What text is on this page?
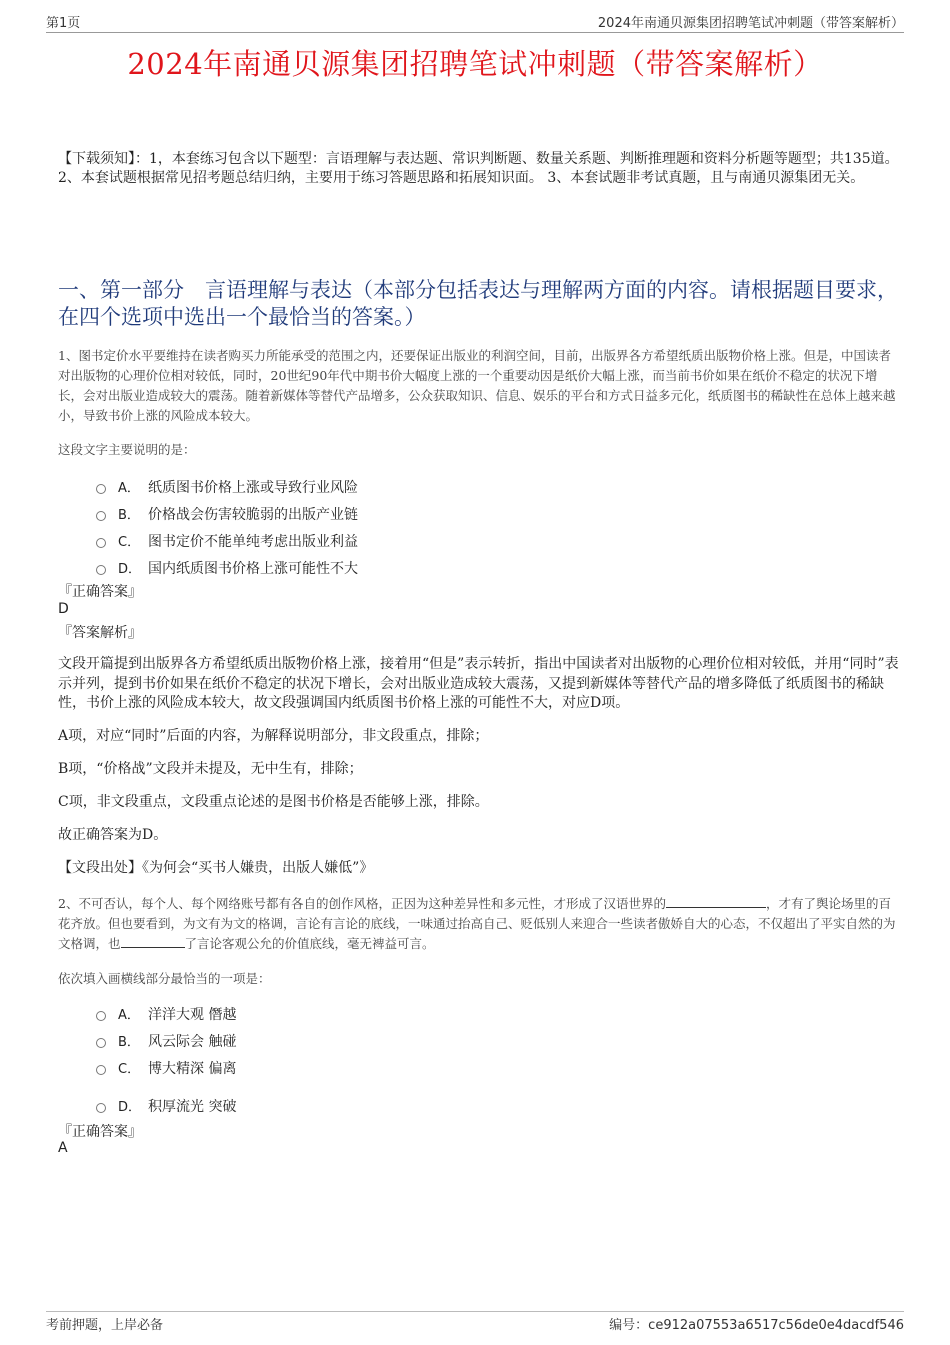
第1页	2024年南通贝源集团招聘笔试冲刺题（带答案解析）
2024年南通贝源集团招聘笔试冲刺题（带答案解析）
【下载须知】：1，本套练习包含以下题型：言语理解与表达题、常识判断题、数量关系题、判断推理题和资料分析题等题型；共135道。 2、本套试题根据常见招考题总结归纳，主要用于练习答题思路和拓展知识面。 3、本套试题非考试真题，且与南通贝源集团无关。
一、第一部分　言语理解与表达（本部分包括表达与理解两方面的内容。请根据题目要求，在四个选项中选出一个最恰当的答案。）
1、图书定价水平要维持在读者购买力所能承受的范围之内，还要保证出版业的利润空间，目前，出版界各方希望纸质出版物价格上涨。但是，中国读者对出版物的心理价位相对较低，同时，20世纪90年代中期书价大幅度上涨的一个重要动因是纸价大幅上涨，而当前书价如果在纸价不稳定的状况下增长，会对出版业造成较大的震荡。随着新媒体等替代产品增多，公众获取知识、信息、娱乐的平台和方式日益多元化，纸质图书的稀缺性在总体上越来越小，导致书价上涨的风险成本较大。
这段文字主要说明的是：
A． 纸质图书价格上涨或导致行业风险
B． 价格战会伤害较脆弱的出版产业链
C． 图书定价不能单纯考虑出版业利益
D． 国内纸质图书价格上涨可能性不大
『正确答案』
D
『答案解析』
文段开篇提到出版界各方希望纸质出版物价格上涨，接着用“但是”表示转折，指出中国读者对出版物的心理价位相对较低，并用“同时”表示并列，提到书价如果在纸价不稳定的状况下增长，会对出版业造成较大震荡，又提到新媒体等替代产品的增多降低了纸质图书的稀缺性，书价上涨的风险成本较大，故文段强调国内纸质图书价格上涨的可能性不大，对应D项。
A项，对应“同时”后面的内容，为解释说明部分，非文段重点，排除；
B项，“价格战”文段并未提及，无中生有，排除；
C项，非文段重点，文段重点论述的是图书价格是否能够上涨，排除。
故正确答案为D。
【文段出处】《为何会“买书人嫌贵，出版人嫌低”》
2、不可否认，每个人、每个网络账号都有各自的创作风格，正因为这种差异性和多元性，才形成了汉语世界的	，才有了舆论场里的百花齐放。但也要看到，为文有为文的格调，言论有言论的底线，一味通过抬高自己、贬低别人来迎合一些读者傲娇自大的心态，不仅超出了平实自然的为文格调，也	了言论客观公允的价值底线，毫无裨益可言。
依次填入画横线部分最恰当的一项是：
A． 洋洋大观 僭越
B． 风云际会 触碰
C． 博大精深 偏离
D． 积厚流光 突破
『正确答案』
A
考前押题，上岸必备	编号：ce912a07553a6517c56de0e4dacdf546
